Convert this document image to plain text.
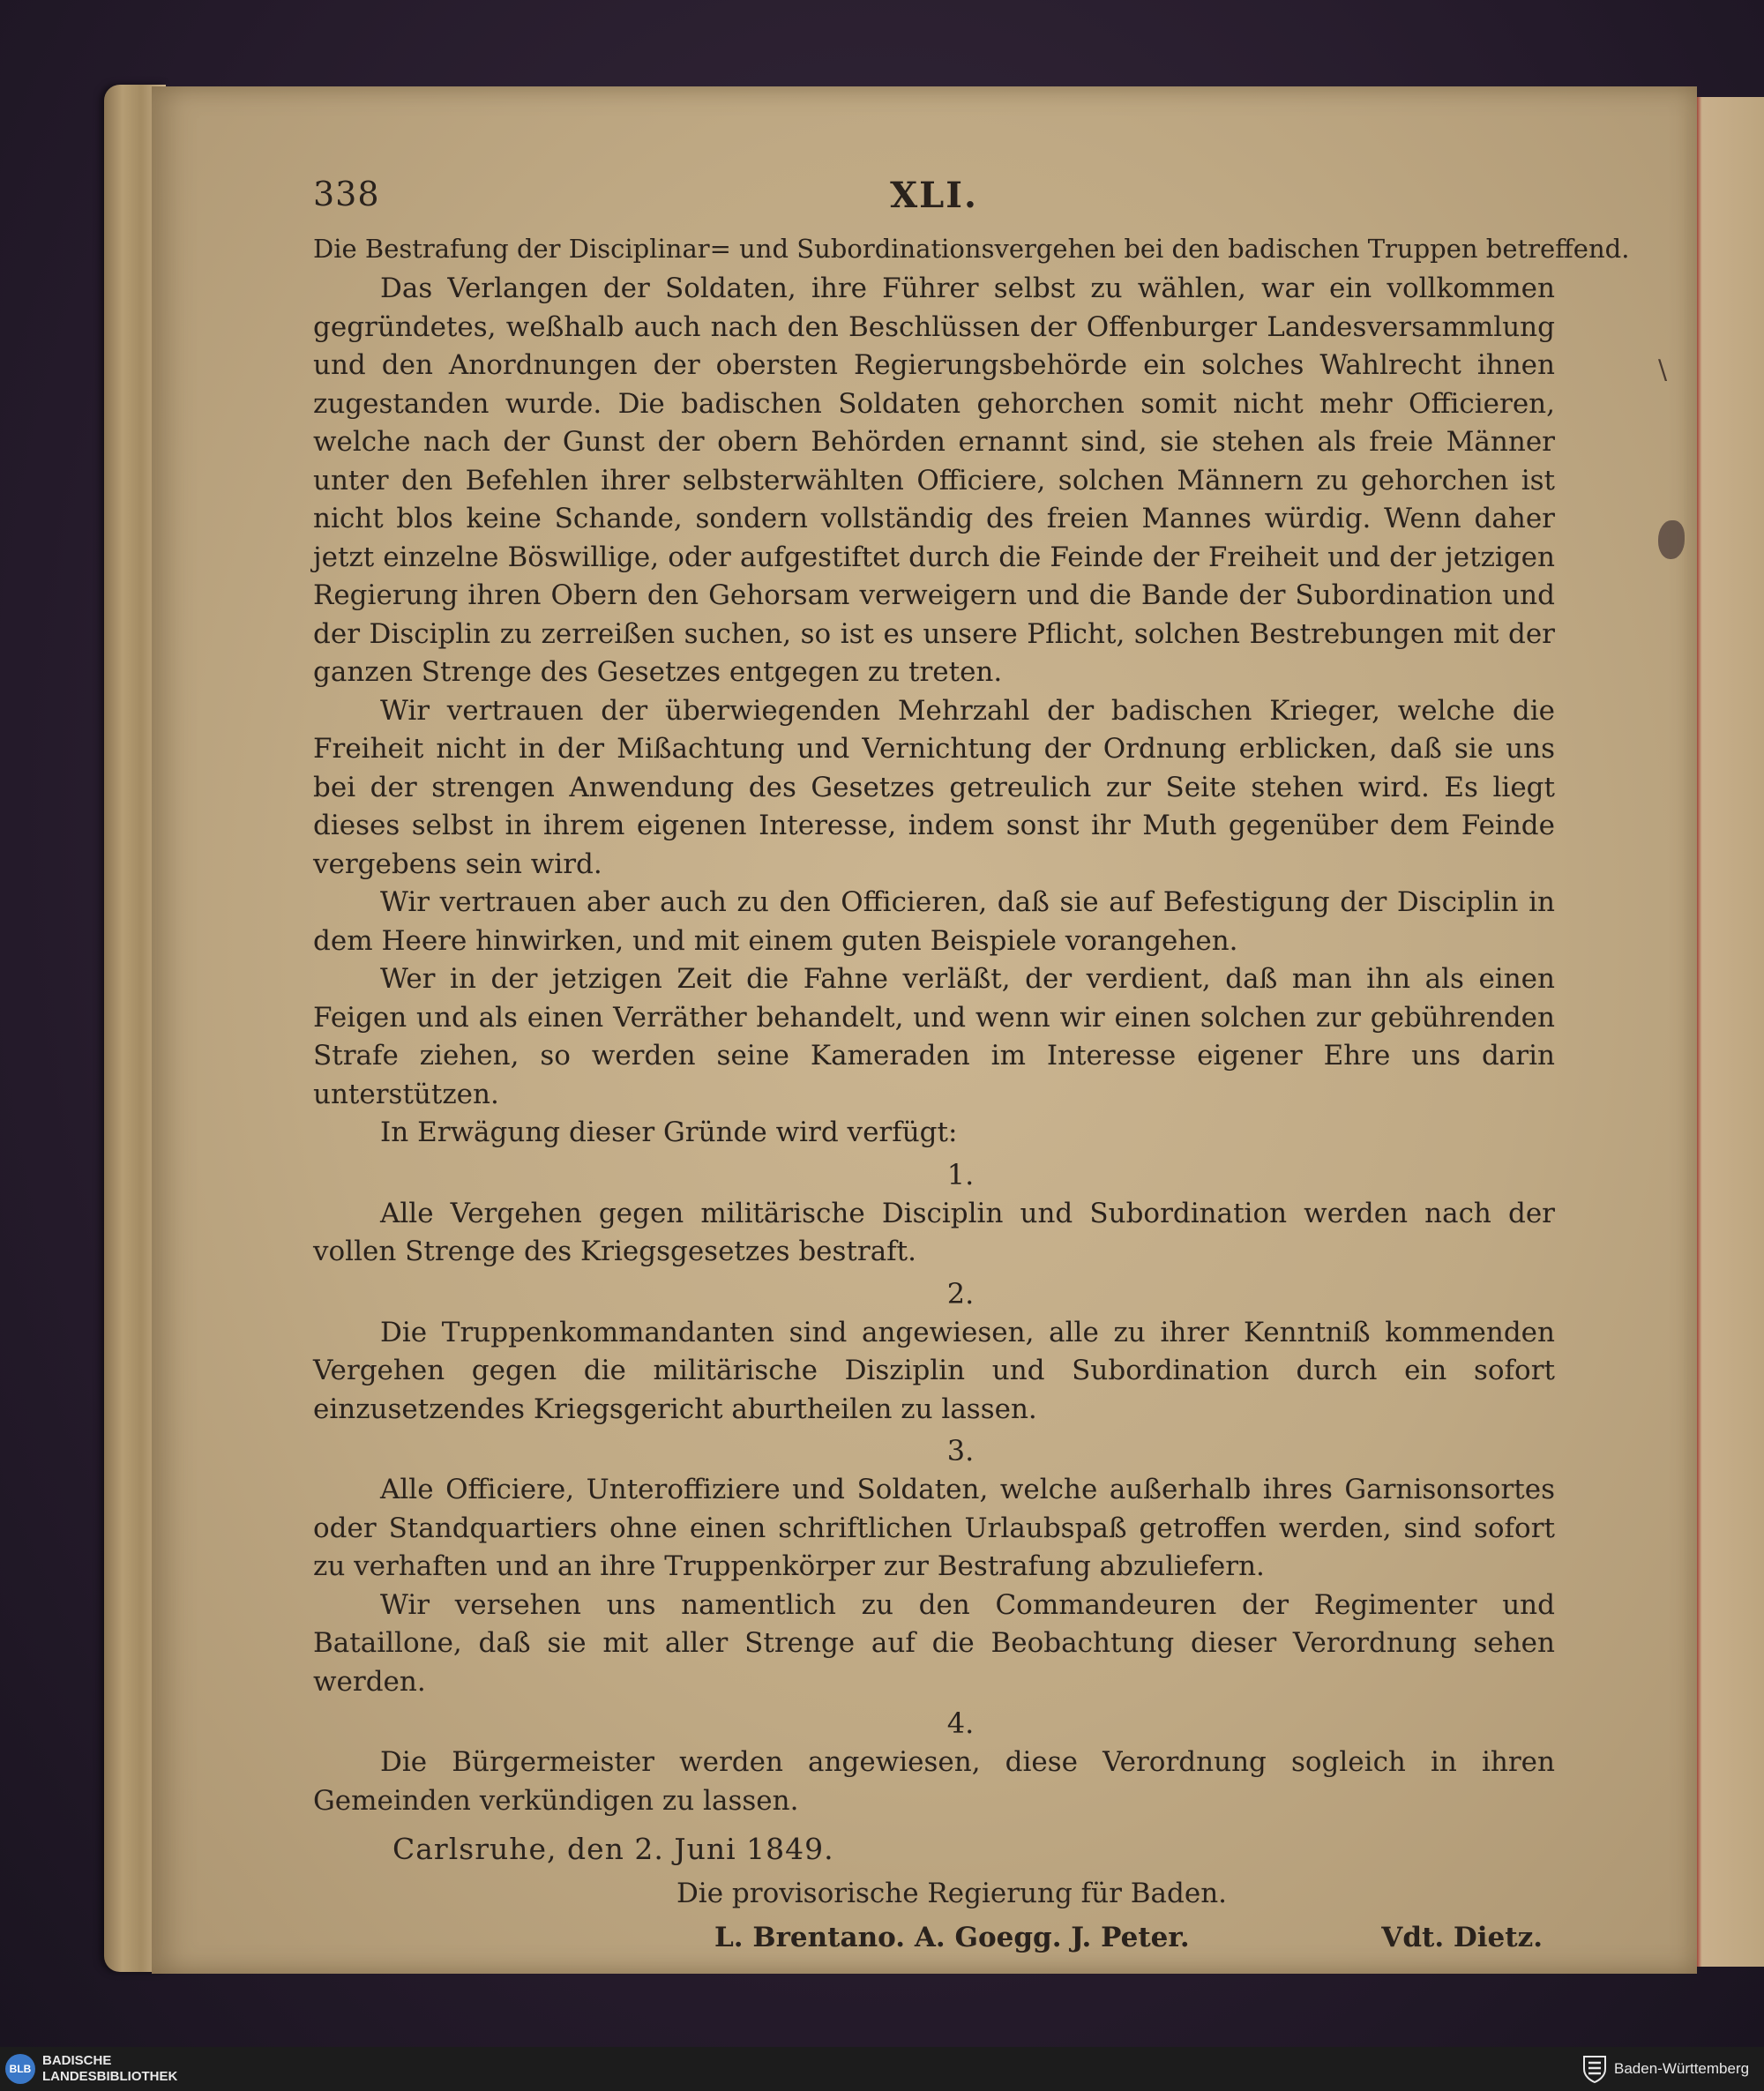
\
338	XLI.
Die Bestrafung der Disciplinar= und Subordinationsvergehen bei den badischen Truppen betreffend.

Das Verlangen der Soldaten, ihre Führer selbst zu wählen, war ein vollkommen gegründetes, weßhalb auch nach den Beschlüssen der Offenburger Landesversammlung und den Anordnungen der obersten Regierungsbehörde ein solches Wahlrecht ihnen zugestanden wurde. Die badischen Soldaten gehorchen somit nicht mehr Officieren, welche nach der Gunst der obern Behörden ernannt sind, sie stehen als freie Männer unter den Befehlen ihrer selbsterwählten Officiere, solchen Männern zu gehorchen ist nicht blos keine Schande, sondern vollständig des freien Mannes würdig. Wenn daher jetzt einzelne Böswillige, oder aufgestiftet durch die Feinde der Freiheit und der jetzigen Regierung ihren Obern den Gehorsam verweigern und die Bande der Subordination und der Disciplin zu zerreißen suchen, so ist es unsere Pflicht, solchen Bestrebungen mit der ganzen Strenge des Gesetzes entgegen zu treten.

Wir vertrauen der überwiegenden Mehrzahl der badischen Krieger, welche die Freiheit nicht in der Mißachtung und Vernichtung der Ordnung erblicken, daß sie uns bei der strengen Anwendung des Gesetzes getreulich zur Seite stehen wird. Es liegt dieses selbst in ihrem eigenen Interesse, indem sonst ihr Muth gegenüber dem Feinde vergebens sein wird.

Wir vertrauen aber auch zu den Officieren, daß sie auf Befestigung der Disciplin in dem Heere hinwirken, und mit einem guten Beispiele vorangehen.

Wer in der jetzigen Zeit die Fahne verläßt, der verdient, daß man ihn als einen Feigen und als einen Verräther behandelt, und wenn wir einen solchen zur gebührenden Strafe ziehen, so werden seine Kameraden im Interesse eigener Ehre uns darin unterstützen.

In Erwägung dieser Gründe wird verfügt:

1.

Alle Vergehen gegen militärische Disciplin und Subordination werden nach der vollen Strenge des Kriegsgesetzes bestraft.

2.

Die Truppenkommandanten sind angewiesen, alle zu ihrer Kenntniß kommenden Vergehen gegen die militärische Disziplin und Subordination durch ein sofort einzusetzendes Kriegsgericht aburtheilen zu lassen.

3.

Alle Officiere, Unteroffiziere und Soldaten, welche außerhalb ihres Garnisonsortes oder Standquartiers ohne einen schriftlichen Urlaubspaß getroffen werden, sind sofort zu verhaften und an ihre Truppenkörper zur Bestrafung abzuliefern.

Wir versehen uns namentlich zu den Commandeuren der Regimenter und Bataillone, daß sie mit aller Strenge auf die Beobachtung dieser Verordnung sehen werden.

4.

Die Bürgermeister werden angewiesen, diese Verordnung sogleich in ihren Gemeinden verkündigen zu lassen.

Carlsruhe, den 2. Juni 1849.
Die provisorische Regierung für Baden.
L. Brentano. A. Goegg. J. Peter.	Vdt. Dietz.
BLB
BADISCHE
LANDESBIBLIOTHEK	Baden-Württemberg
